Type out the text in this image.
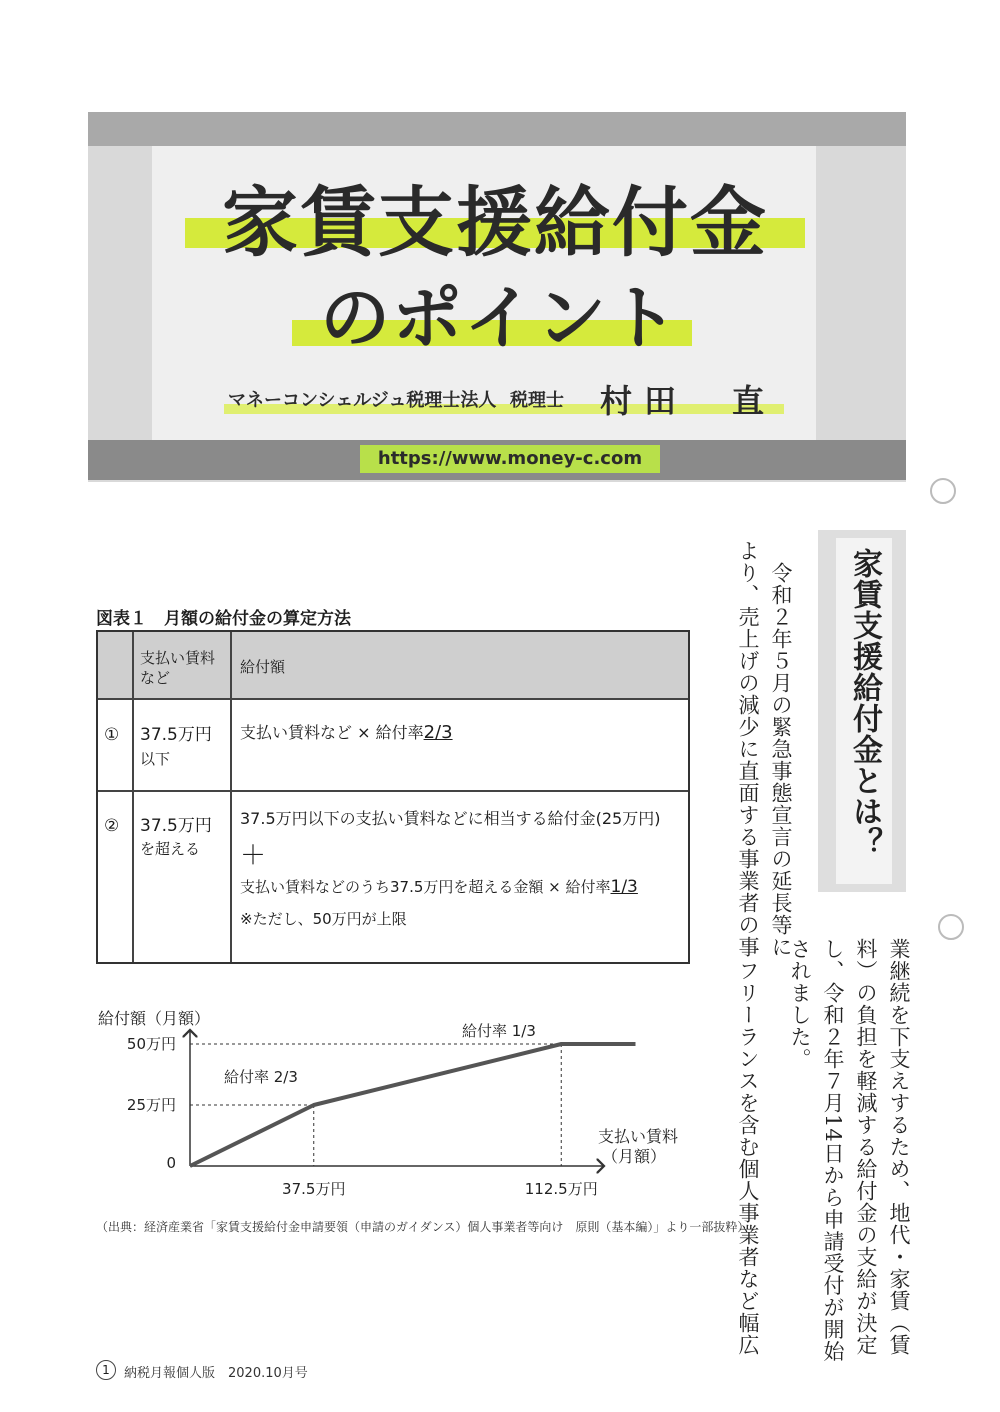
家賃支援給付金
のポイント
マネーコンシェルジュ税理士法人 税理士 村田　直
https://www.money-c.com
図表１　月額の給付金の算定方法
支払い賃料など
給付額
① 37.5万円
以下
支払い賃料など × 給付率2/3
② 37.5万円
を超える
37.5万円以下の支払い賃料などに相当する給付金(25万円)
＋
支払い賃料などのうち37.5万円を超える金額 × 給付率1/3
※ただし、50万円が上限
給付額（月額）
50万円
25万円
0
37.5万円	112.5万円
支払い賃料
（月額）
給付率 2/3
給付率 1/3
（出典：経済産業省「家賃支援給付金申請要領（申請のガイダンス）個人事業者等向け　原則（基本編）」より一部抜粋）
家賃支援給付金とは？
　令和２年５月の緊急事態宣言の延長等に
より、売上げの減少に直面する事業者の事
業継続を下支えするため、地代・家賃（賃
料）の負担を軽減する給付金の支給が決定
し、令和２年７月14日から申請受付が開始
されました。
　フリーランスを含む個人事業者など幅広
1	納税月報個人版　2020.10月号
